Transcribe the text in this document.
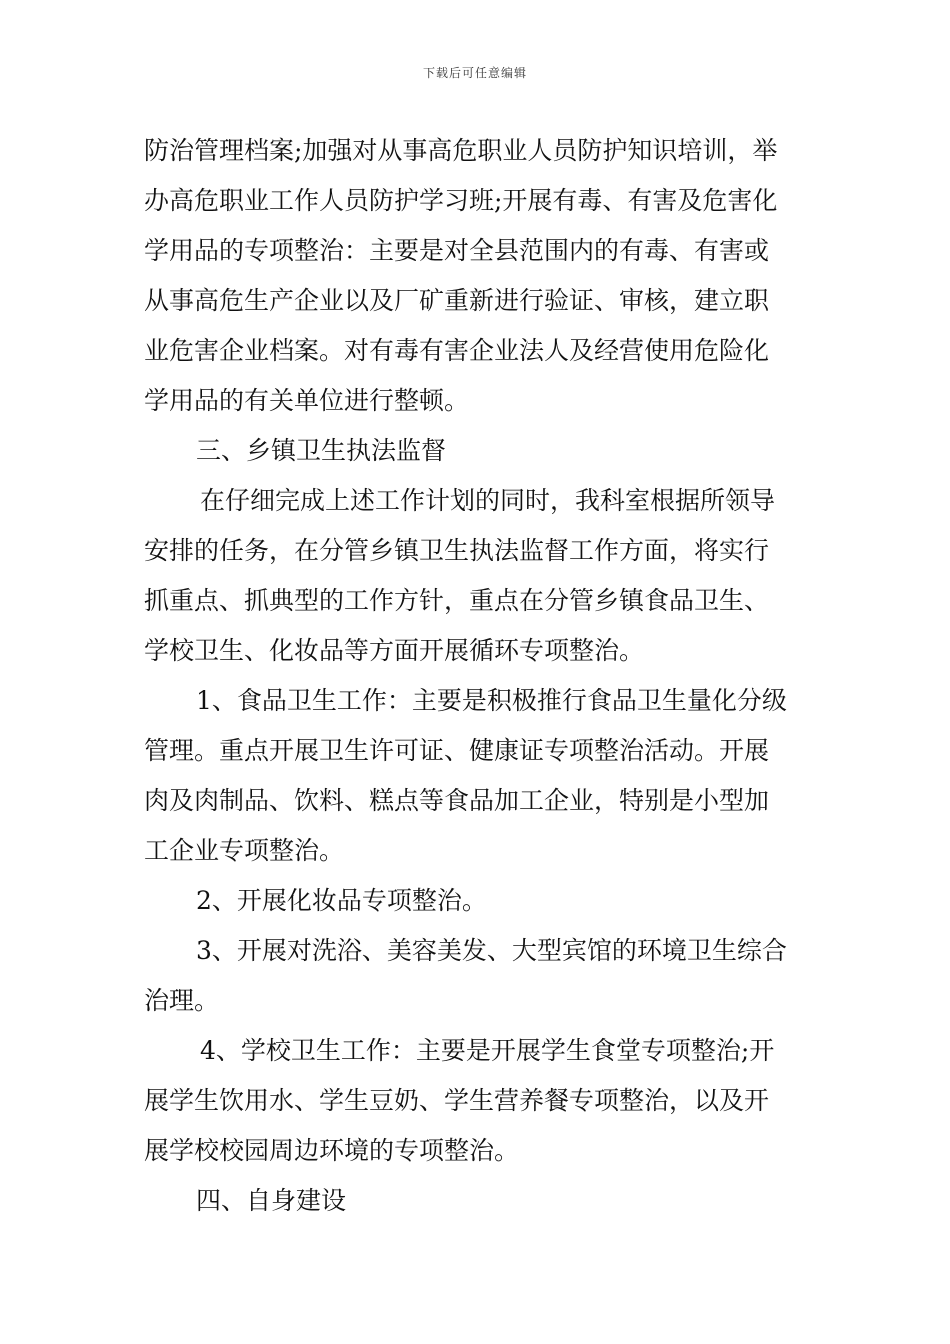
下载后可任意编辑
防治管理档案;加强对从事高危职业人员防护知识培训，举
办高危职业工作人员防护学习班;开展有毒、有害及危害化
学用品的专项整治：主要是对全县范围内的有毒、有害或
从事高危生产企业以及厂矿重新进行验证、审核，建立职
业危害企业档案。对有毒有害企业法人及经营使用危险化
学用品的有关单位进行整顿。
三、乡镇卫生执法监督
在仔细完成上述工作计划的同时，我科室根据所领导
安排的任务，在分管乡镇卫生执法监督工作方面，将实行
抓重点、抓典型的工作方针，重点在分管乡镇食品卫生、
学校卫生、化妆品等方面开展循环专项整治。
1、食品卫生工作：主要是积极推行食品卫生量化分级
管理。重点开展卫生许可证、健康证专项整治活动。开展
肉及肉制品、饮料、糕点等食品加工企业，特别是小型加
工企业专项整治。
2、开展化妆品专项整治。
3、开展对洗浴、美容美发、大型宾馆的环境卫生综合
治理。
4、学校卫生工作：主要是开展学生食堂专项整治;开
展学生饮用水、学生豆奶、学生营养餐专项整治，以及开
展学校校园周边环境的专项整治。
四、自身建设
